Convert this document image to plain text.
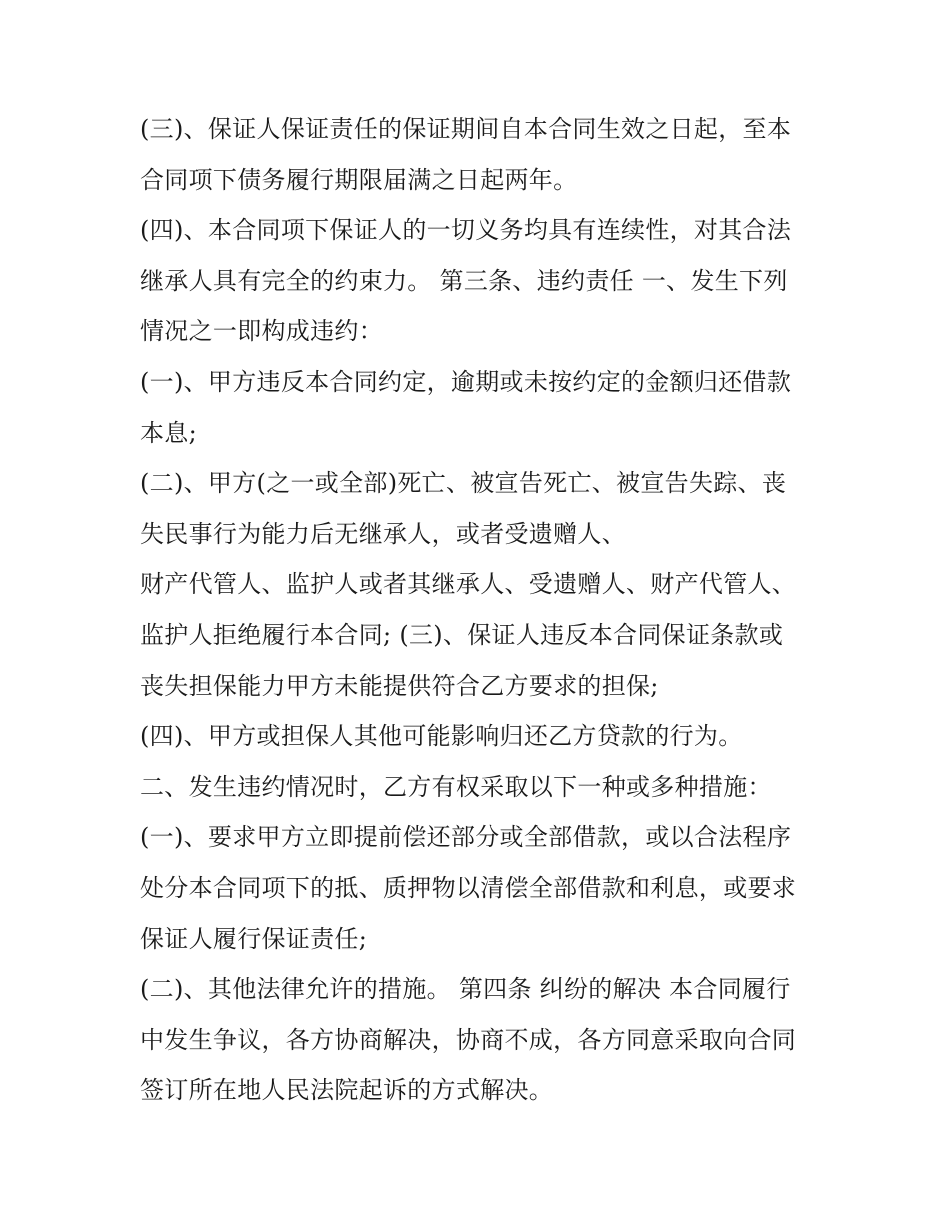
(三)、保证人保证责任的保证期间自本合同生效之日起，至本
合同项下债务履行期限届满之日起两年。
(四)、本合同项下保证人的一切义务均具有连续性，对其合法
继承人具有完全的约束力。 第三条、违约责任 一、发生下列
情况之一即构成违约：
(一)、甲方违反本合同约定，逾期或未按约定的金额归还借款
本息;
(二)、甲方(之一或全部)死亡、被宣告死亡、被宣告失踪、丧
失民事行为能力后无继承人，或者受遗赠人、
财产代管人、监护人或者其继承人、受遗赠人、财产代管人、
监护人拒绝履行本合同; (三)、保证人违反本合同保证条款或
丧失担保能力甲方未能提供符合乙方要求的担保;
(四)、甲方或担保人其他可能影响归还乙方贷款的行为。
二、发生违约情况时，乙方有权采取以下一种或多种措施：
(一)、要求甲方立即提前偿还部分或全部借款，或以合法程序
处分本合同项下的抵、质押物以清偿全部借款和利息，或要求
保证人履行保证责任;
(二)、其他法律允许的措施。 第四条 纠纷的解决 本合同履行
中发生争议，各方协商解决，协商不成，各方同意采取向合同
签订所在地人民法院起诉的方式解决。
